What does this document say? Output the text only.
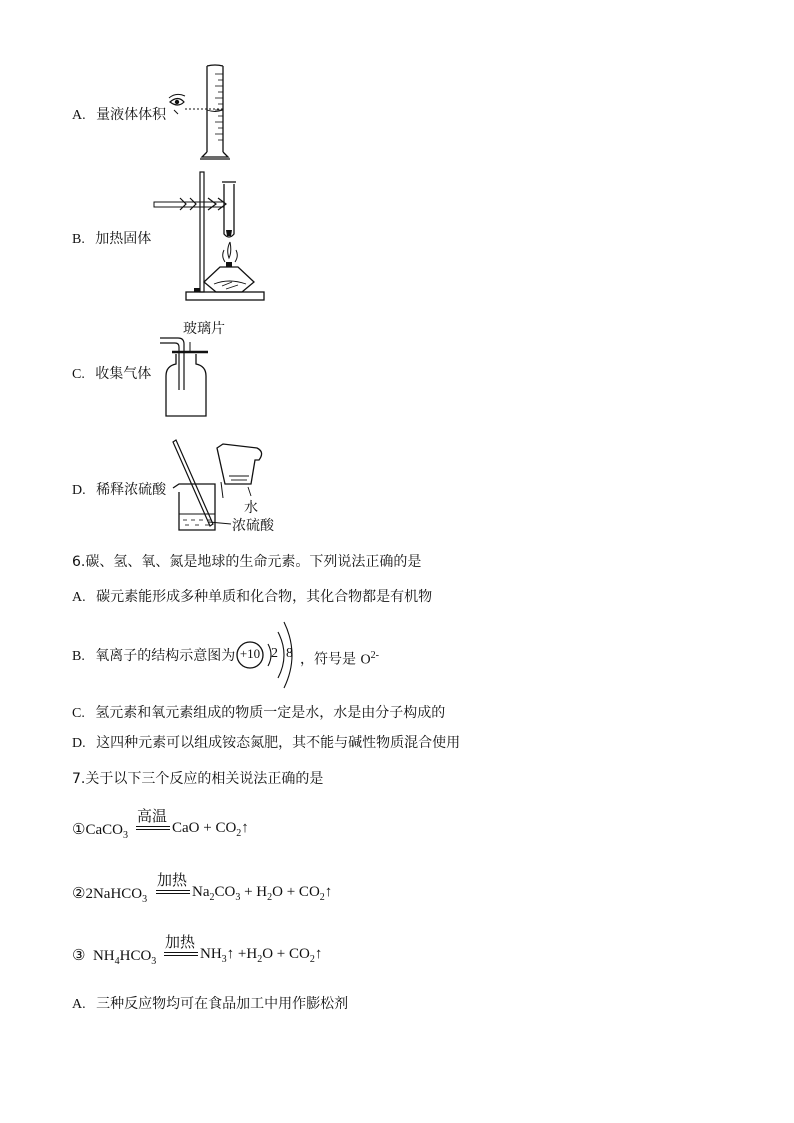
A. 量液体体积
B. 加热固体
C. 收集气体
玻璃片
D. 稀释浓硫酸
水
浓硫酸
6.碳、氢、氧、氮是地球的生命元素。下列说法正确的是
A. 碳元素能形成多种单质和化合物，其化合物都是有机物
B. 氧离子的结构示意图为 +10 2 8 ，符号是 $O^{2-}$
C. 氢元素和氧元素组成的物质一定是水，水是由分子构成的
D. 这四种元素可以组成铵态氮肥，其不能与碱性物质混合使用
7.关于以下三个反应的相关说法正确的是
①CaCO$_3$
高温
CaO + $CO_2↑$
②2NaHCO$_3$
加热
$Na_2CO_3 + H_2O$ + $CO_2↑$
③  $NH_4HCO_3$
加热
$NH_3↑ +H_2O$ + $CO_2↑$
A. 三种反应物均可在食品加工中用作膨松剂
